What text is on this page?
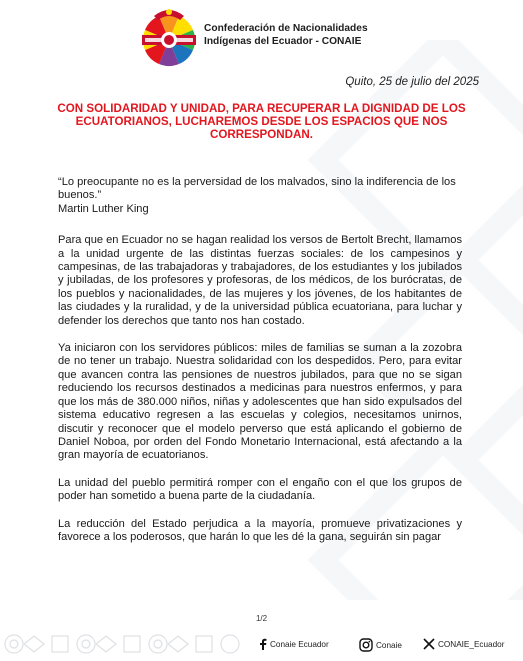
Confederación de Nacionalidades
Indígenas del Ecuador - CONAIE
Quito, 25 de julio del 2025
CON SOLIDARIDAD Y UNIDAD, PARA RECUPERAR LA DIGNIDAD DE LOS ECUATORIANOS, LUCHAREMOS DESDE LOS ESPACIOS QUE NOS CORRESPONDAN.

“Lo preocupante no es la perversidad de los malvados, sino la indiferencia de los buenos.”

Martin Luther King

Para que en Ecuador no se hagan realidad los versos de Bertolt Brecht, llamamos a la unidad urgente de las distintas fuerzas sociales: de los campesinos y campesinas, de las trabajadoras y trabajadores, de los estudiantes y los jubilados y jubiladas, de los profesores y profesoras, de los médicos, de los burócratas, de los pueblos y nacionalidades, de las mujeres y los jóvenes, de los habitantes de las ciudades y la ruralidad, y de la universidad pública ecuatoriana, para luchar y defender los derechos que tanto nos han costado.

Ya iniciaron con los servidores públicos: miles de familias se suman a la zozobra de no tener un trabajo. Nuestra solidaridad con los despedidos. Pero, para evitar que avancen contra las pensiones de nuestros jubilados, para que no se sigan reduciendo los recursos destinados a medicinas para nuestros enfermos, y para que los más de 380.000 niños, niñas y adolescentes que han sido expulsados del sistema educativo regresen a las escuelas y colegios, necesitamos unirnos, discutir y reconocer que el modelo perverso que está aplicando el gobierno de Daniel Noboa, por orden del Fondo Monetario Internacional, está afectando a la gran mayoría de ecuatorianos.

La unidad del pueblo permitirá romper con el engaño con el que los grupos de poder han sometido a buena parte de la ciudadanía.

La reducción del Estado perjudica a la mayoría, promueve privatizaciones y favorece a los poderosos, que harán lo que les dé la gana, seguirán sin pagar

1/2
Conaie Ecuador	Conaie	CONAIE_Ecuador
